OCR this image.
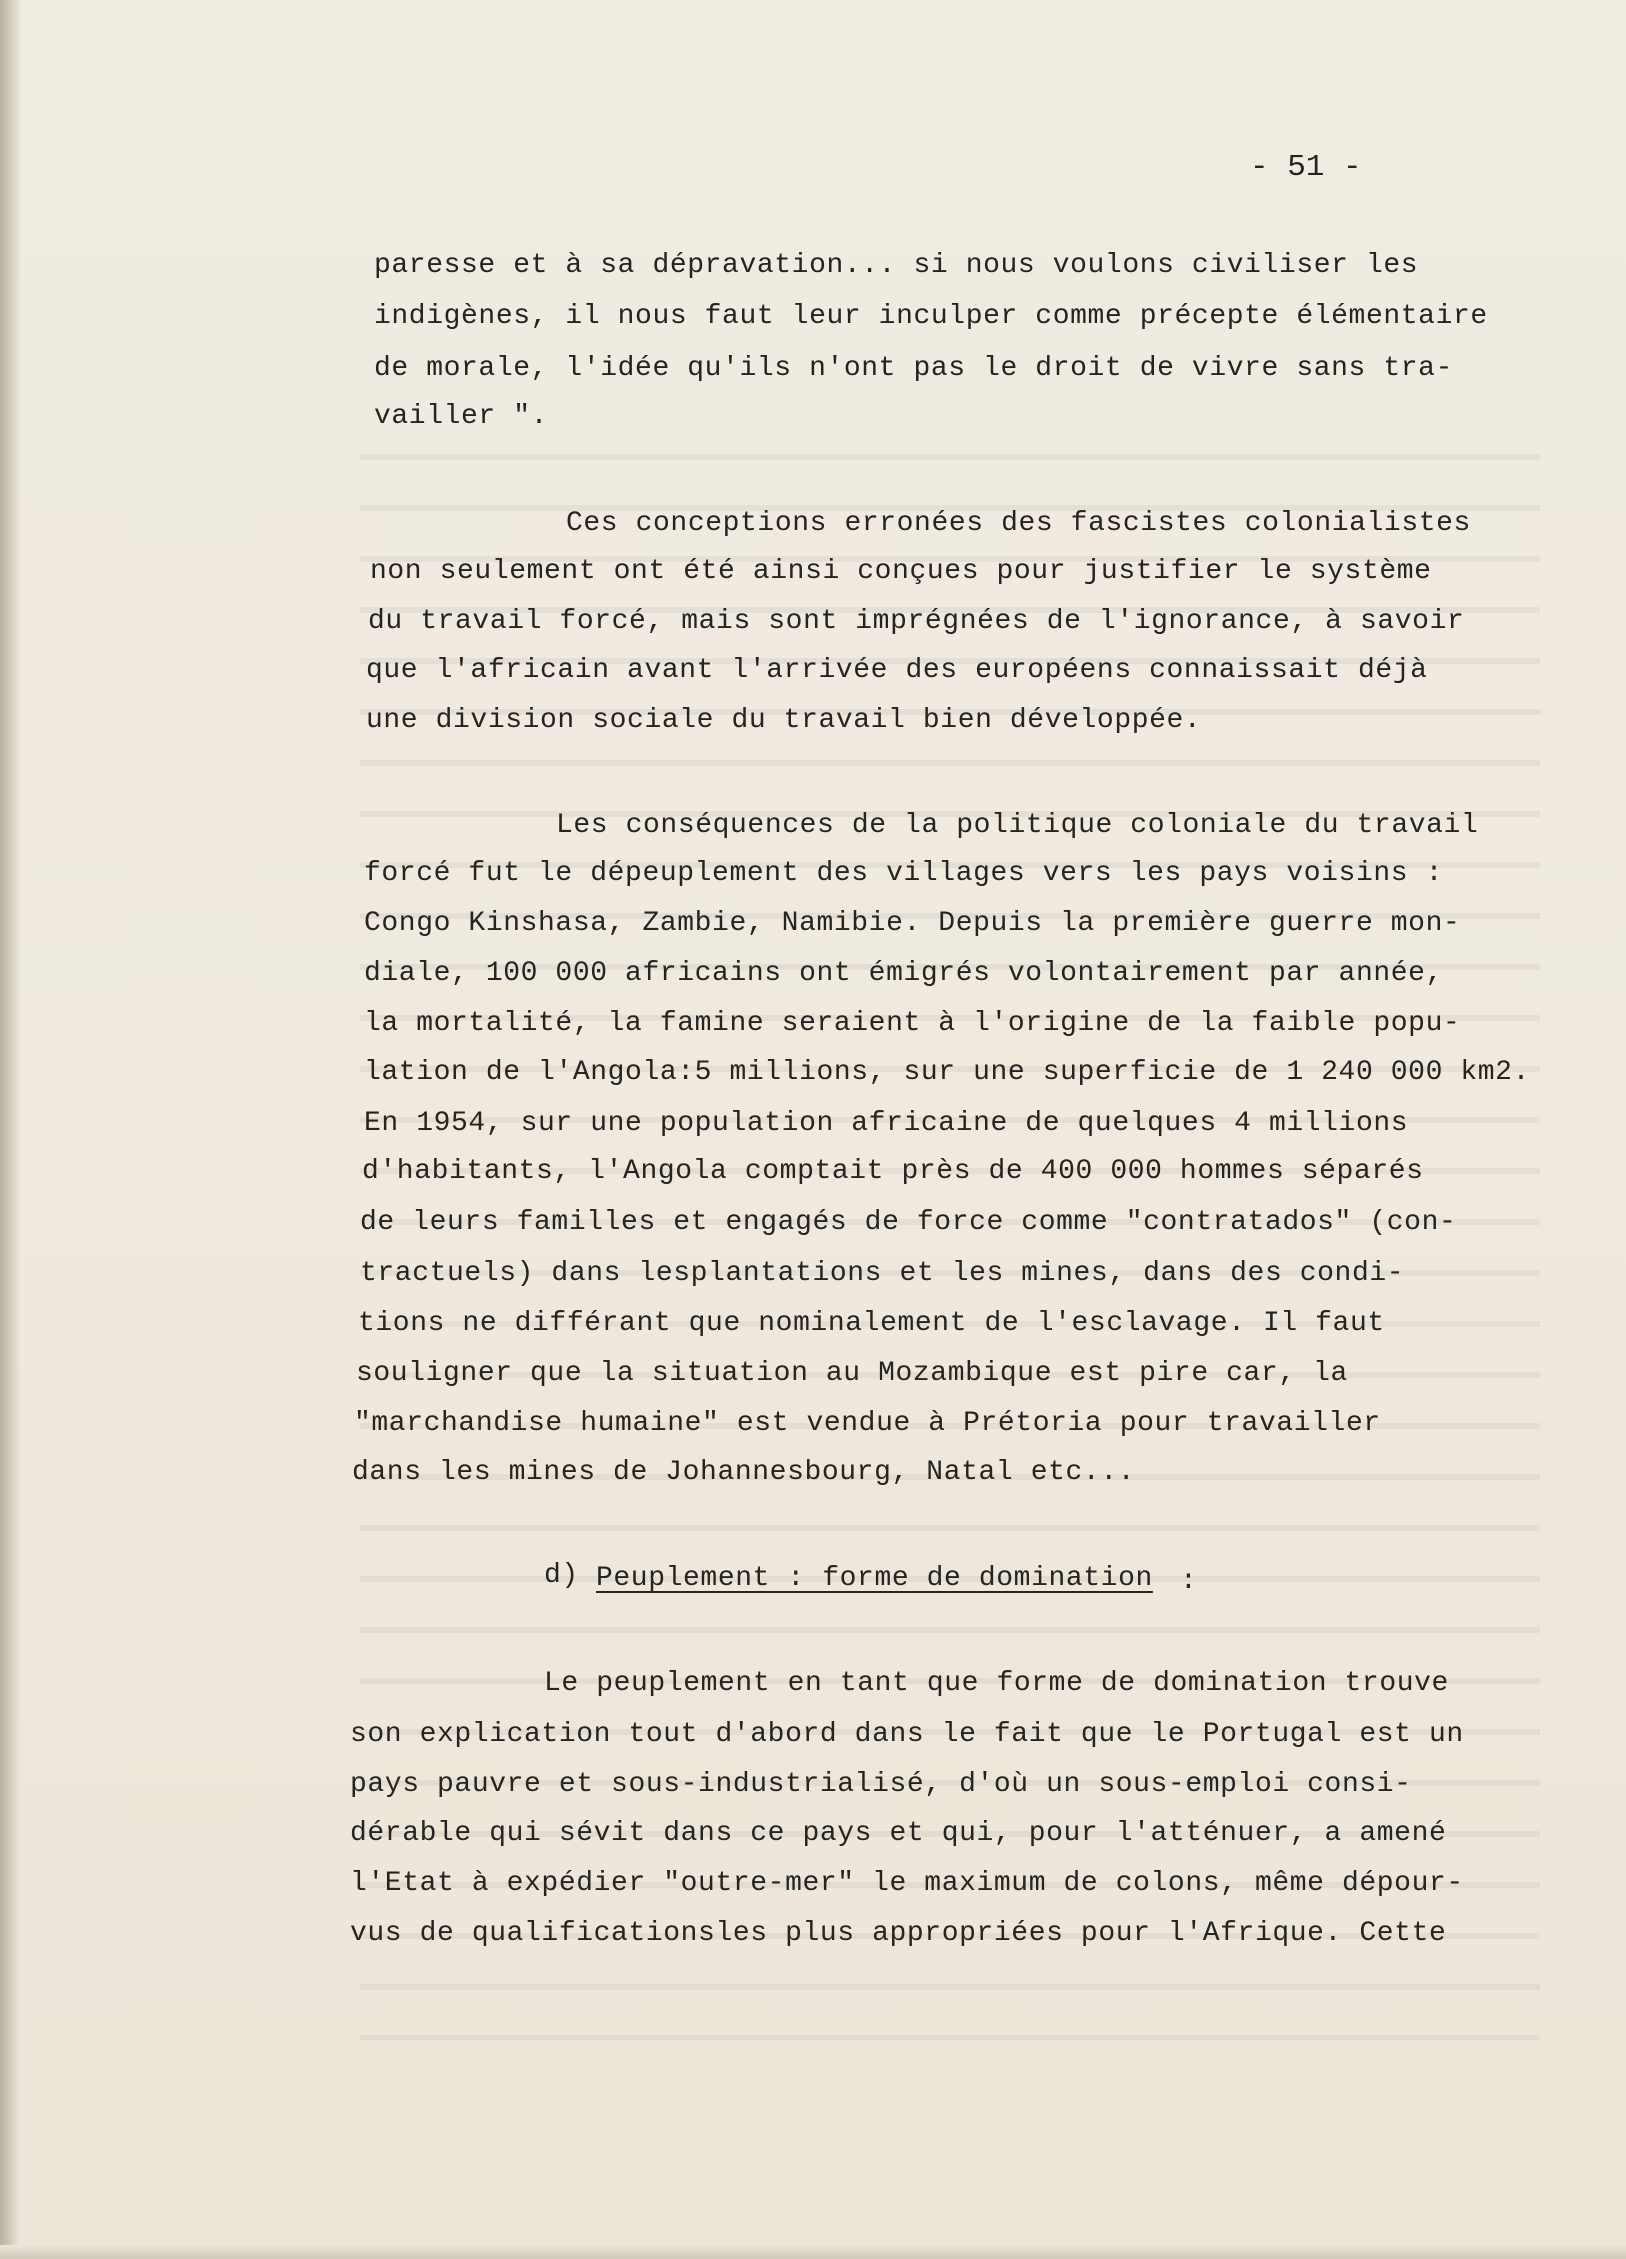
- 51 -
paresse et à sa dépravation... si nous voulons civiliser les
indigènes, il nous faut leur inculper comme précepte élémentaire
de morale, l'idée qu'ils n'ont pas le droit de vivre sans tra-
vailler ".
Ces conceptions erronées des fascistes colonialistes
non seulement ont été ainsi conçues pour justifier le système
du travail forcé, mais sont imprégnées de l'ignorance, à savoir
que l'africain avant l'arrivée des européens connaissait déjà
une division sociale du travail bien développée.
Les conséquences de la politique coloniale du travail
forcé fut le dépeuplement des villages vers les pays voisins :
Congo Kinshasa, Zambie, Namibie. Depuis la première guerre mon-
diale, 100 000 africains ont émigrés volontairement par année,
la mortalité, la famine seraient à l'origine de la faible popu-
lation de l'Angola:5 millions, sur une superficie de 1 240 000 km2.
En 1954, sur une population africaine de quelques 4 millions
d'habitants, l'Angola comptait près de 400 000 hommes séparés
de leurs familles et engagés de force comme "contratados" (con-
tractuels) dans lesplantations et les mines, dans des condi-
tions ne différant que nominalement de l'esclavage. Il faut
souligner que la situation au Mozambique est pire car, la
"marchandise humaine" est vendue à Prétoria pour travailler
dans les mines de Johannesbourg, Natal etc...
d) Peuplement : forme de domination :
Le peuplement en tant que forme de domination trouve
son explication tout d'abord dans le fait que le Portugal est un
pays pauvre et sous-industrialisé, d'où un sous-emploi consi-
dérable qui sévit dans ce pays et qui, pour l'atténuer, a amené
l'Etat à expédier "outre-mer" le maximum de colons, même dépour-
vus de qualificationsles plus appropriées pour l'Afrique. Cette
